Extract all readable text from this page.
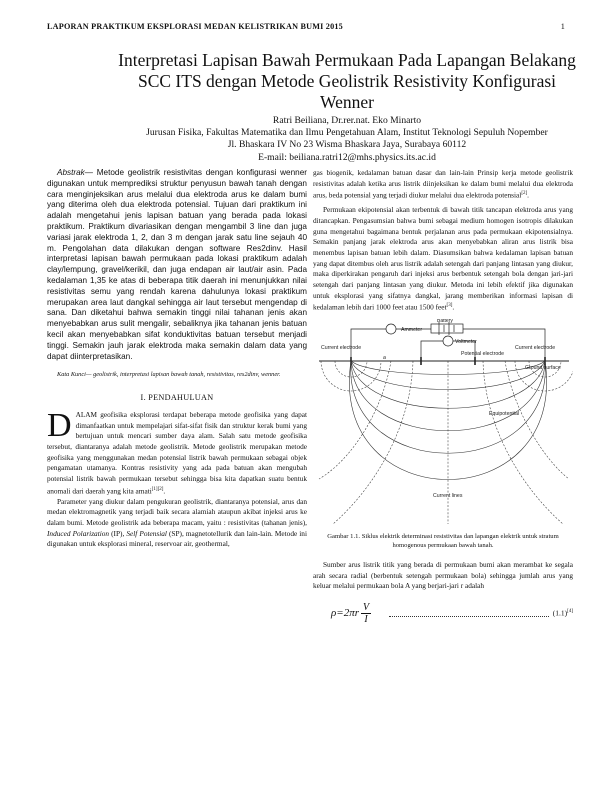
LAPORAN PRAKTIKUM EKSPLORASI MEDAN KELISTRIKAN BUMI 2015	1
Interpretasi Lapisan Bawah Permukaan Pada Lapangan Belakang SCC ITS dengan Metode Geolistrik Resistivity Konfigurasi Wenner
Ratri Beiliana, Dr.rer.nat. Eko Minarto
Jurusan Fisika, Fakultas Matematika dan Ilmu Pengetahuan Alam, Institut Teknologi Sepuluh Nopember
Jl. Bhaskara IV No 23 Wisma Bhaskara Jaya, Surabaya 60112
E-mail: beiliana.ratri12@mhs.physics.its.ac.id

Abstrak— Metode geolistrik resistivitas dengan konfigurasi wenner digunakan untuk memprediksi struktur penyusun bawah tanah dengan cara menginjeksikan arus melalui dua elektroda arus ke dalam bumi yang diterima oleh dua elektroda potensial. Tujuan dari praktikum ini adalah mengetahui jenis lapisan batuan yang berada pada lokasi praktikum. Praktikum divariasikan dengan mengambil 3 line dan juga variasi jarak elektroda 1, 2, dan 3 m dengan jarak satu line sejauh 40 m. Pengolahan data dilakukan dengan software Res2dinv. Hasil interpretasi lapisan bawah permukaan pada lokasi praktikum adalah clay/lempung, gravel/kerikil, dan juga endapan air laut/air asin. Pada kedalaman 1,35 ke atas di beberapa titik daerah ini menunjukkan nilai resistivitas semu yang rendah karena dahulunya lokasi praktikum merupakan area laut dangkal sehingga air laut tersebut mengendap di sana. Dan diketahui bahwa semakin tinggi nilai tahanan jenis akan menyebabkan arus sulit mengalir, sebaliknya jika tahanan jenis batuan kecil akan menyebabkan sifat konduktivitas batuan tersebut menjadi tinggi. Semakin jauh jarak elektroda maka semakin dalam data yang dapat diinterpretasikan.

Kata Kunci— geolistrik, interpretasi lapisan bawah tanah, resistivitas, res2dinv, wenner.

I. PENDAHULUAN

DALAM geofisika eksplorasi terdapat beberapa metode geofisika yang dapat dimanfaatkan untuk mempelajari sifat-sifat fisik dan struktur kerak bumi yang bertujuan untuk mencari sumber daya alam. Salah satu metode geofisika tersebut, diantaranya adalah metode geolistrik. Metode geolistrik merupakan metode geofisika yang menggunakan medan potensial listrik bawah permukaan sebagai objek pengamatan utamanya. Kontras resistivity yang ada pada batuan akan mengubah potensial listrik bawah permukaan tersebut sehingga bisa kita dapatkan suatu bentuk anomali dari daerah yang kita amati[1][2].

Parameter yang diukur dalam pengukuran geolistrik, diantaranya potensial, arus dan medan elektromagnetik yang terjadi baik secara alamiah ataupun akibat injeksi arus ke dalam bumi. Metode geolistrik ada beberapa macam, yaitu : resistivitas (tahanan jenis), Induced Polarization (IP), Self Potensial (SP), magnetotellurik dan lain-lain. Metode ini digunakan untuk eksplorasi mineral, reservoar air, geothermal,

gas biogenik, kedalaman batuan dasar dan lain-lain Prinsip kerja metode geolistrik resistivitas adalah ketika arus listrik diinjeksikan ke dalam bumi melalui dua elektroda arus, beda potensial yang terjadi diukur melalui dua elektroda potensial[2].

Permukaan ekipotensial akan terbentuk di bawah titik tancapan elektroda arus yang ditancapkan. Pengasumsian bahwa bumi sebagai medium homogen isotropis dilakukan guna mengetahui bagaimana bentuk perjalanan arus pada permukaan ekipotensialnya. Semakin panjang jarak elektroda arus akan menyebabkan aliran arus listrik bisa menembus lapisan batuan lebih dalam. Diasumsikan bahwa kedalaman lapisan batuan yang dapat ditembus oleh arus listrik adalah setengah dari panjang lintasan yang diukur, maka diperkirakan pengaruh dari injeksi arus berbentuk setengah bola dengan jari-jari setengah dari panjang lintasan yang diukur. Metoda ini lebih efektif jika digunakan untuk eksplorasi yang sifatnya dangkal, jarang memberikan informasi lapisan di kedalaman lebih dari 1000 feet atau 1500 feet[3].

Battery
Ammeter
Voltmeter
Current electrode
Potential electrode
Current electrode
Ground surface
Equipotential
Current lines
a

Gambar 1.1. Siklus elektrik determinasi resistivitas dan lapangan elektrik untuk stratum homogenous permukaan bawah tanah.

Sumber arus listrik titik yang berada di permukaan bumi akan merambat ke segala arah secara radial (berbentuk setengah permukaan bola) sehingga jumlah arus yang keluar melalui permukaan bola A yang berjari-jari r adalah

$\rho=2\pi r \frac{V}{I}$	(1.1)[4]
